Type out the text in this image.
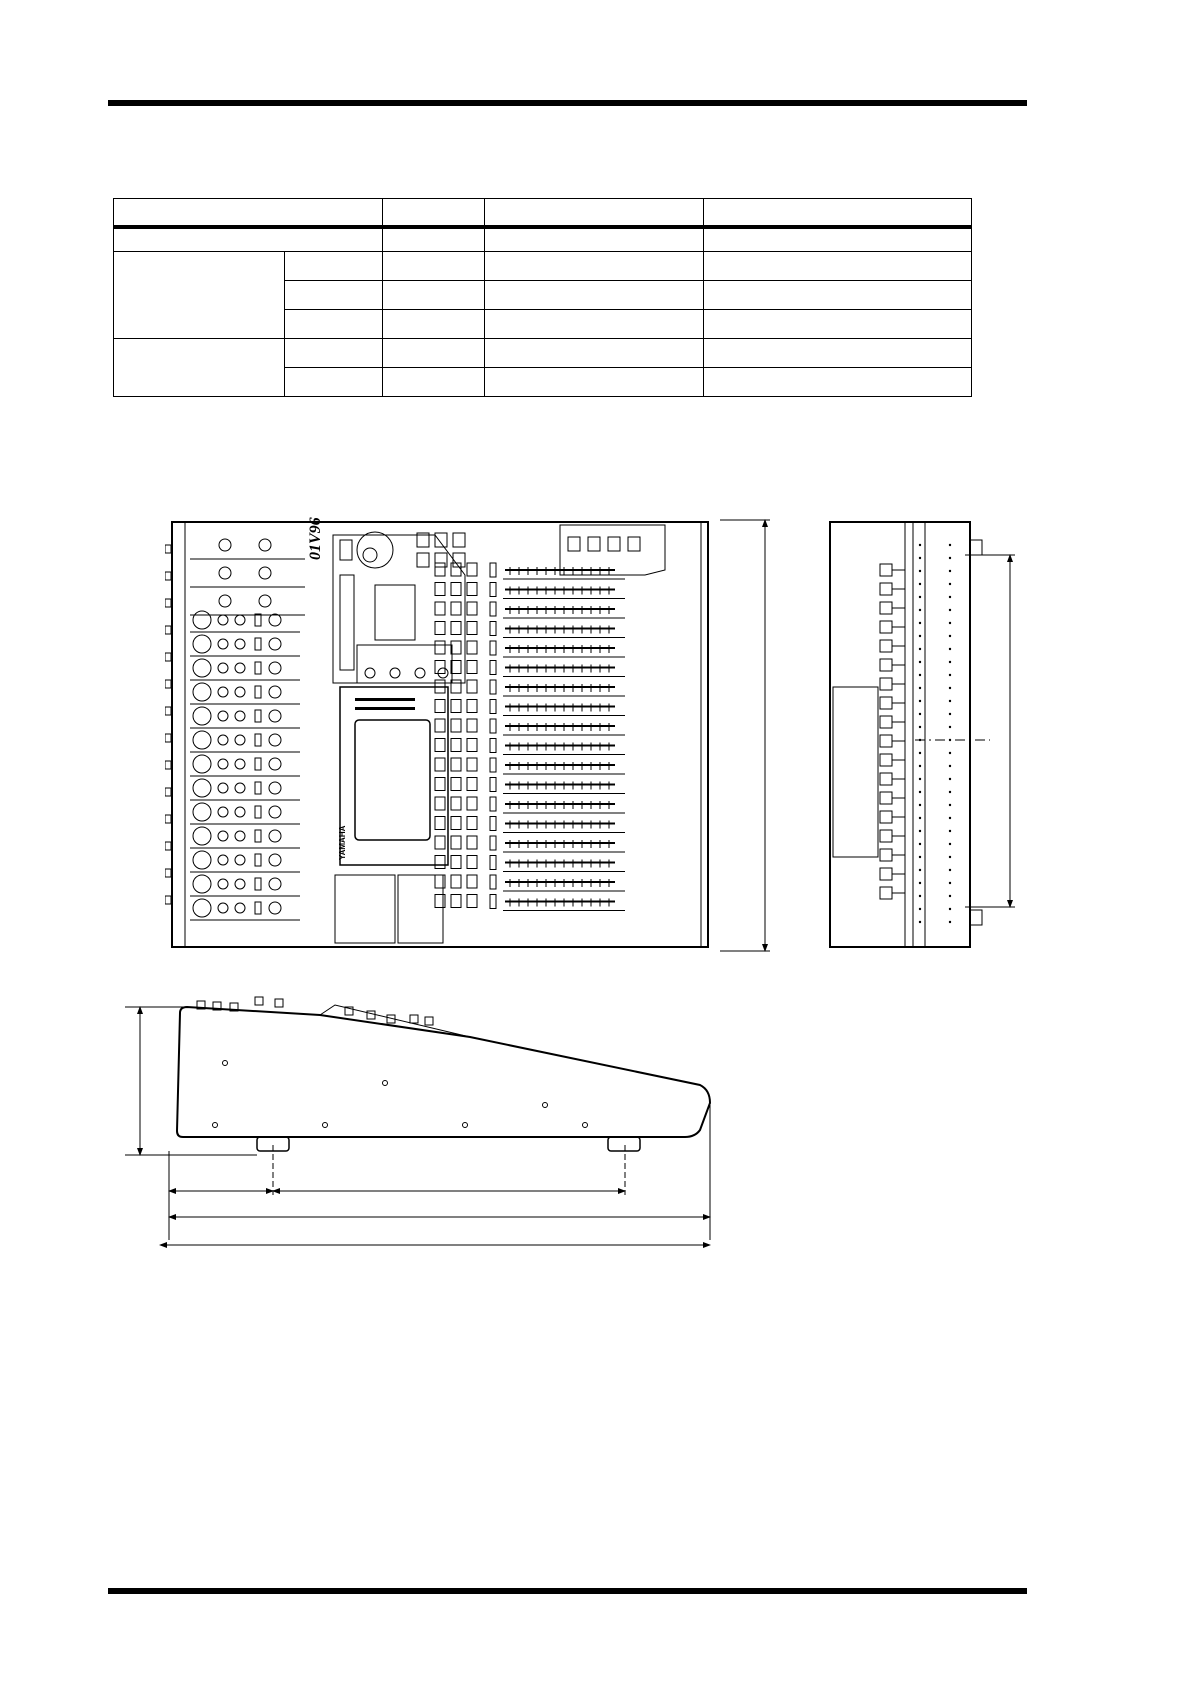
01V96
YAMAHA
